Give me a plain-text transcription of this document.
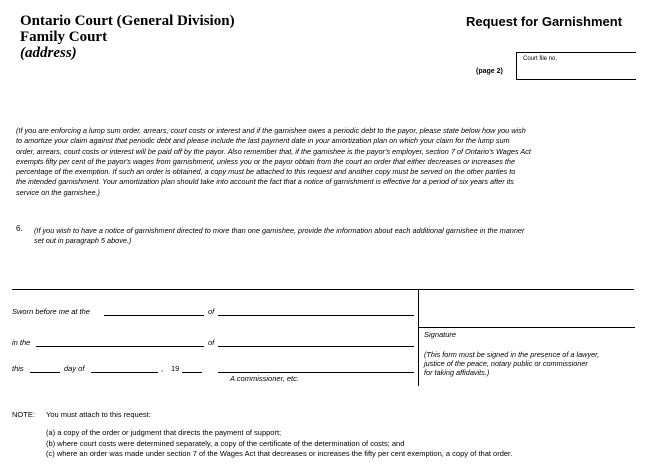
Ontario Court (General Division)
Family Court
(address)
Request for Garnishment
Court file no.
(page 2)
(If you are enforcing a lump sum order, arrears, court costs or interest and if the garnishee owes a periodic debt to the payor, please state below how you wish
to amortize your claim against that periodic debt and please include the last payment date in your amortization plan on which your claim for the lump sum
order, arrears, court costs or interest will be paid off by the payor. Also remember that, if the garnishee is the payor's employer, section 7 of Ontario's Wages Act
exempts fifty per cent of the payor's wages from garnishment, unless you or the payor obtain from the court an order that either decreases or increases the
percentage of the exemption. If such an order is obtained, a copy must be attached to this request and another copy must be served on the other parties to
the intended garnishment. Your amortization plan should take into account the fact that a notice of garnishment is effective for a period of six years after its
service on the garnishee.)
6. (If you wish to have a notice of garnishment directed to more than one garnishee, provide the information about each additional garnishee in the manner
set out in paragraph 5 above.)
Sworn before me at the	of
Signature
in the	of
(This form must be signed in the presence of a lawyer,
justice of the peace, notary public or commissioner
for taking affidavits.)
this	day of	, 19
A commissioner, etc.
NOTE: You must attach to this request:
(a) a copy of the order or judgment that directs the payment of support;
(b) where court costs were determined separately, a copy of the certificate of the determination of costs; and
(c) where an order was made under section 7 of the Wages Act that decreases or increases the fifty per cent exemption, a copy of that order.
